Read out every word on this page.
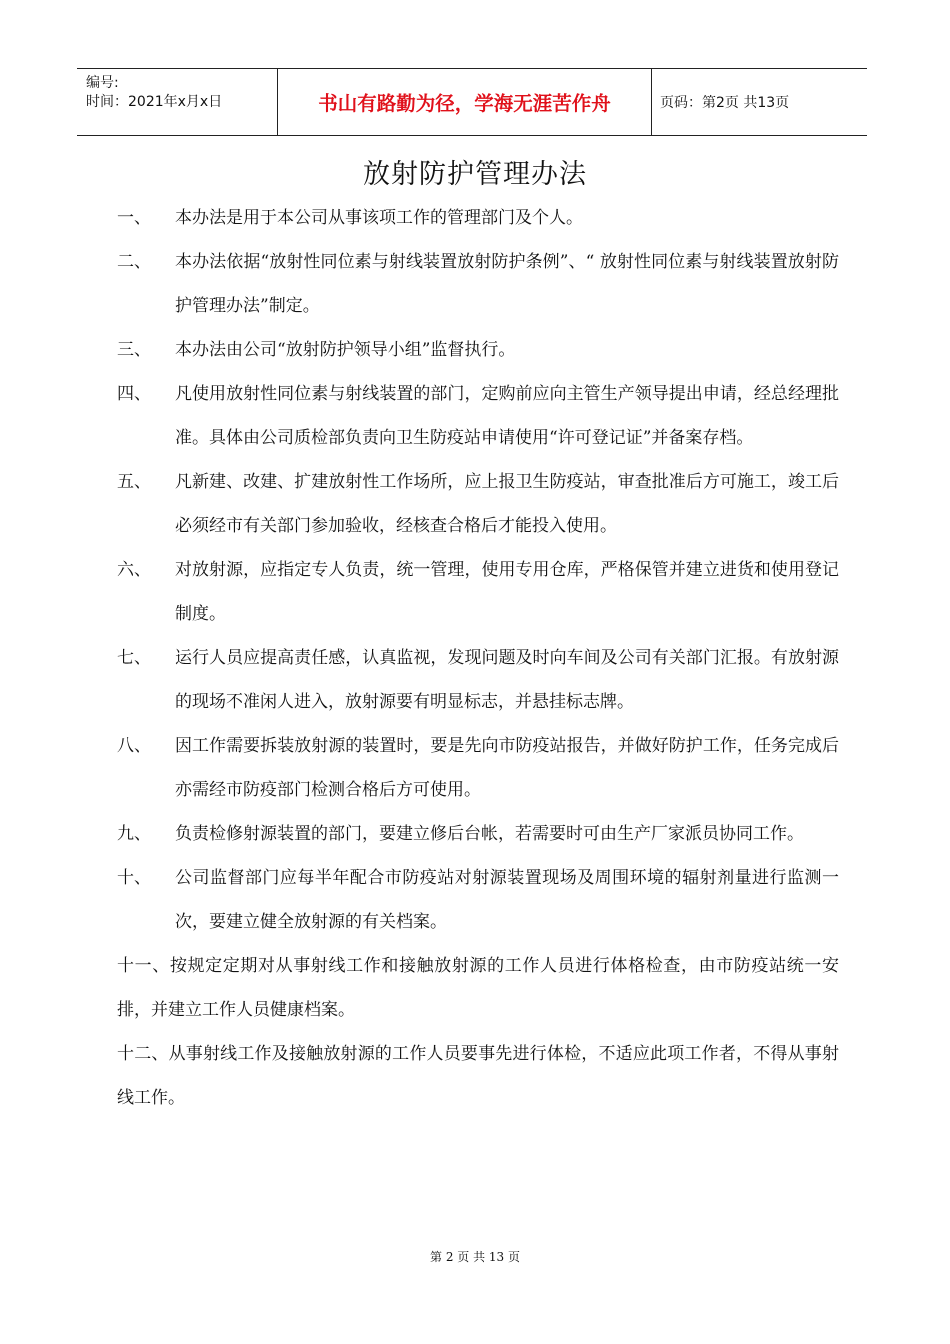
编号:
时间：2021年x月x日	书山有路勤为径，学海无涯苦作舟	页码：第2页 共13页
放射防护管理办法
一、	本办法是用于本公司从事该项工作的管理部门及个人。
二、	本办法依据“放射性同位素与射线装置放射防护条例”、“ 放射性同位素与射线装置放射防护管理办法”制定。
三、	本办法由公司“放射防护领导小组”监督执行。
四、	凡使用放射性同位素与射线装置的部门，定购前应向主管生产领导提出申请，经总经理批准。具体由公司质检部负责向卫生防疫站申请使用“许可登记证”并备案存档。
五、	凡新建、改建、扩建放射性工作场所，应上报卫生防疫站，审查批准后方可施工，竣工后必须经市有关部门参加验收，经核查合格后才能投入使用。
六、	对放射源，应指定专人负责，统一管理，使用专用仓库，严格保管并建立进货和使用登记制度。
七、	运行人员应提高责任感，认真监视，发现问题及时向车间及公司有关部门汇报。有放射源的现场不准闲人进入，放射源要有明显标志，并悬挂标志牌。
八、	因工作需要拆装放射源的装置时，要是先向市防疫站报告，并做好防护工作，任务完成后亦需经市防疫部门检测合格后方可使用。
九、	负责检修射源装置的部门，要建立修后台帐，若需要时可由生产厂家派员协同工作。
十、	公司监督部门应每半年配合市防疫站对射源装置现场及周围环境的辐射剂量进行监测一次，要建立健全放射源的有关档案。
十一、按规定定期对从事射线工作和接触放射源的工作人员进行体格检查，由市防疫站统一安排，并建立工作人员健康档案。
十二、从事射线工作及接触放射源的工作人员要事先进行体检，不适应此项工作者，不得从事射线工作。
第 2 页 共 13 页
